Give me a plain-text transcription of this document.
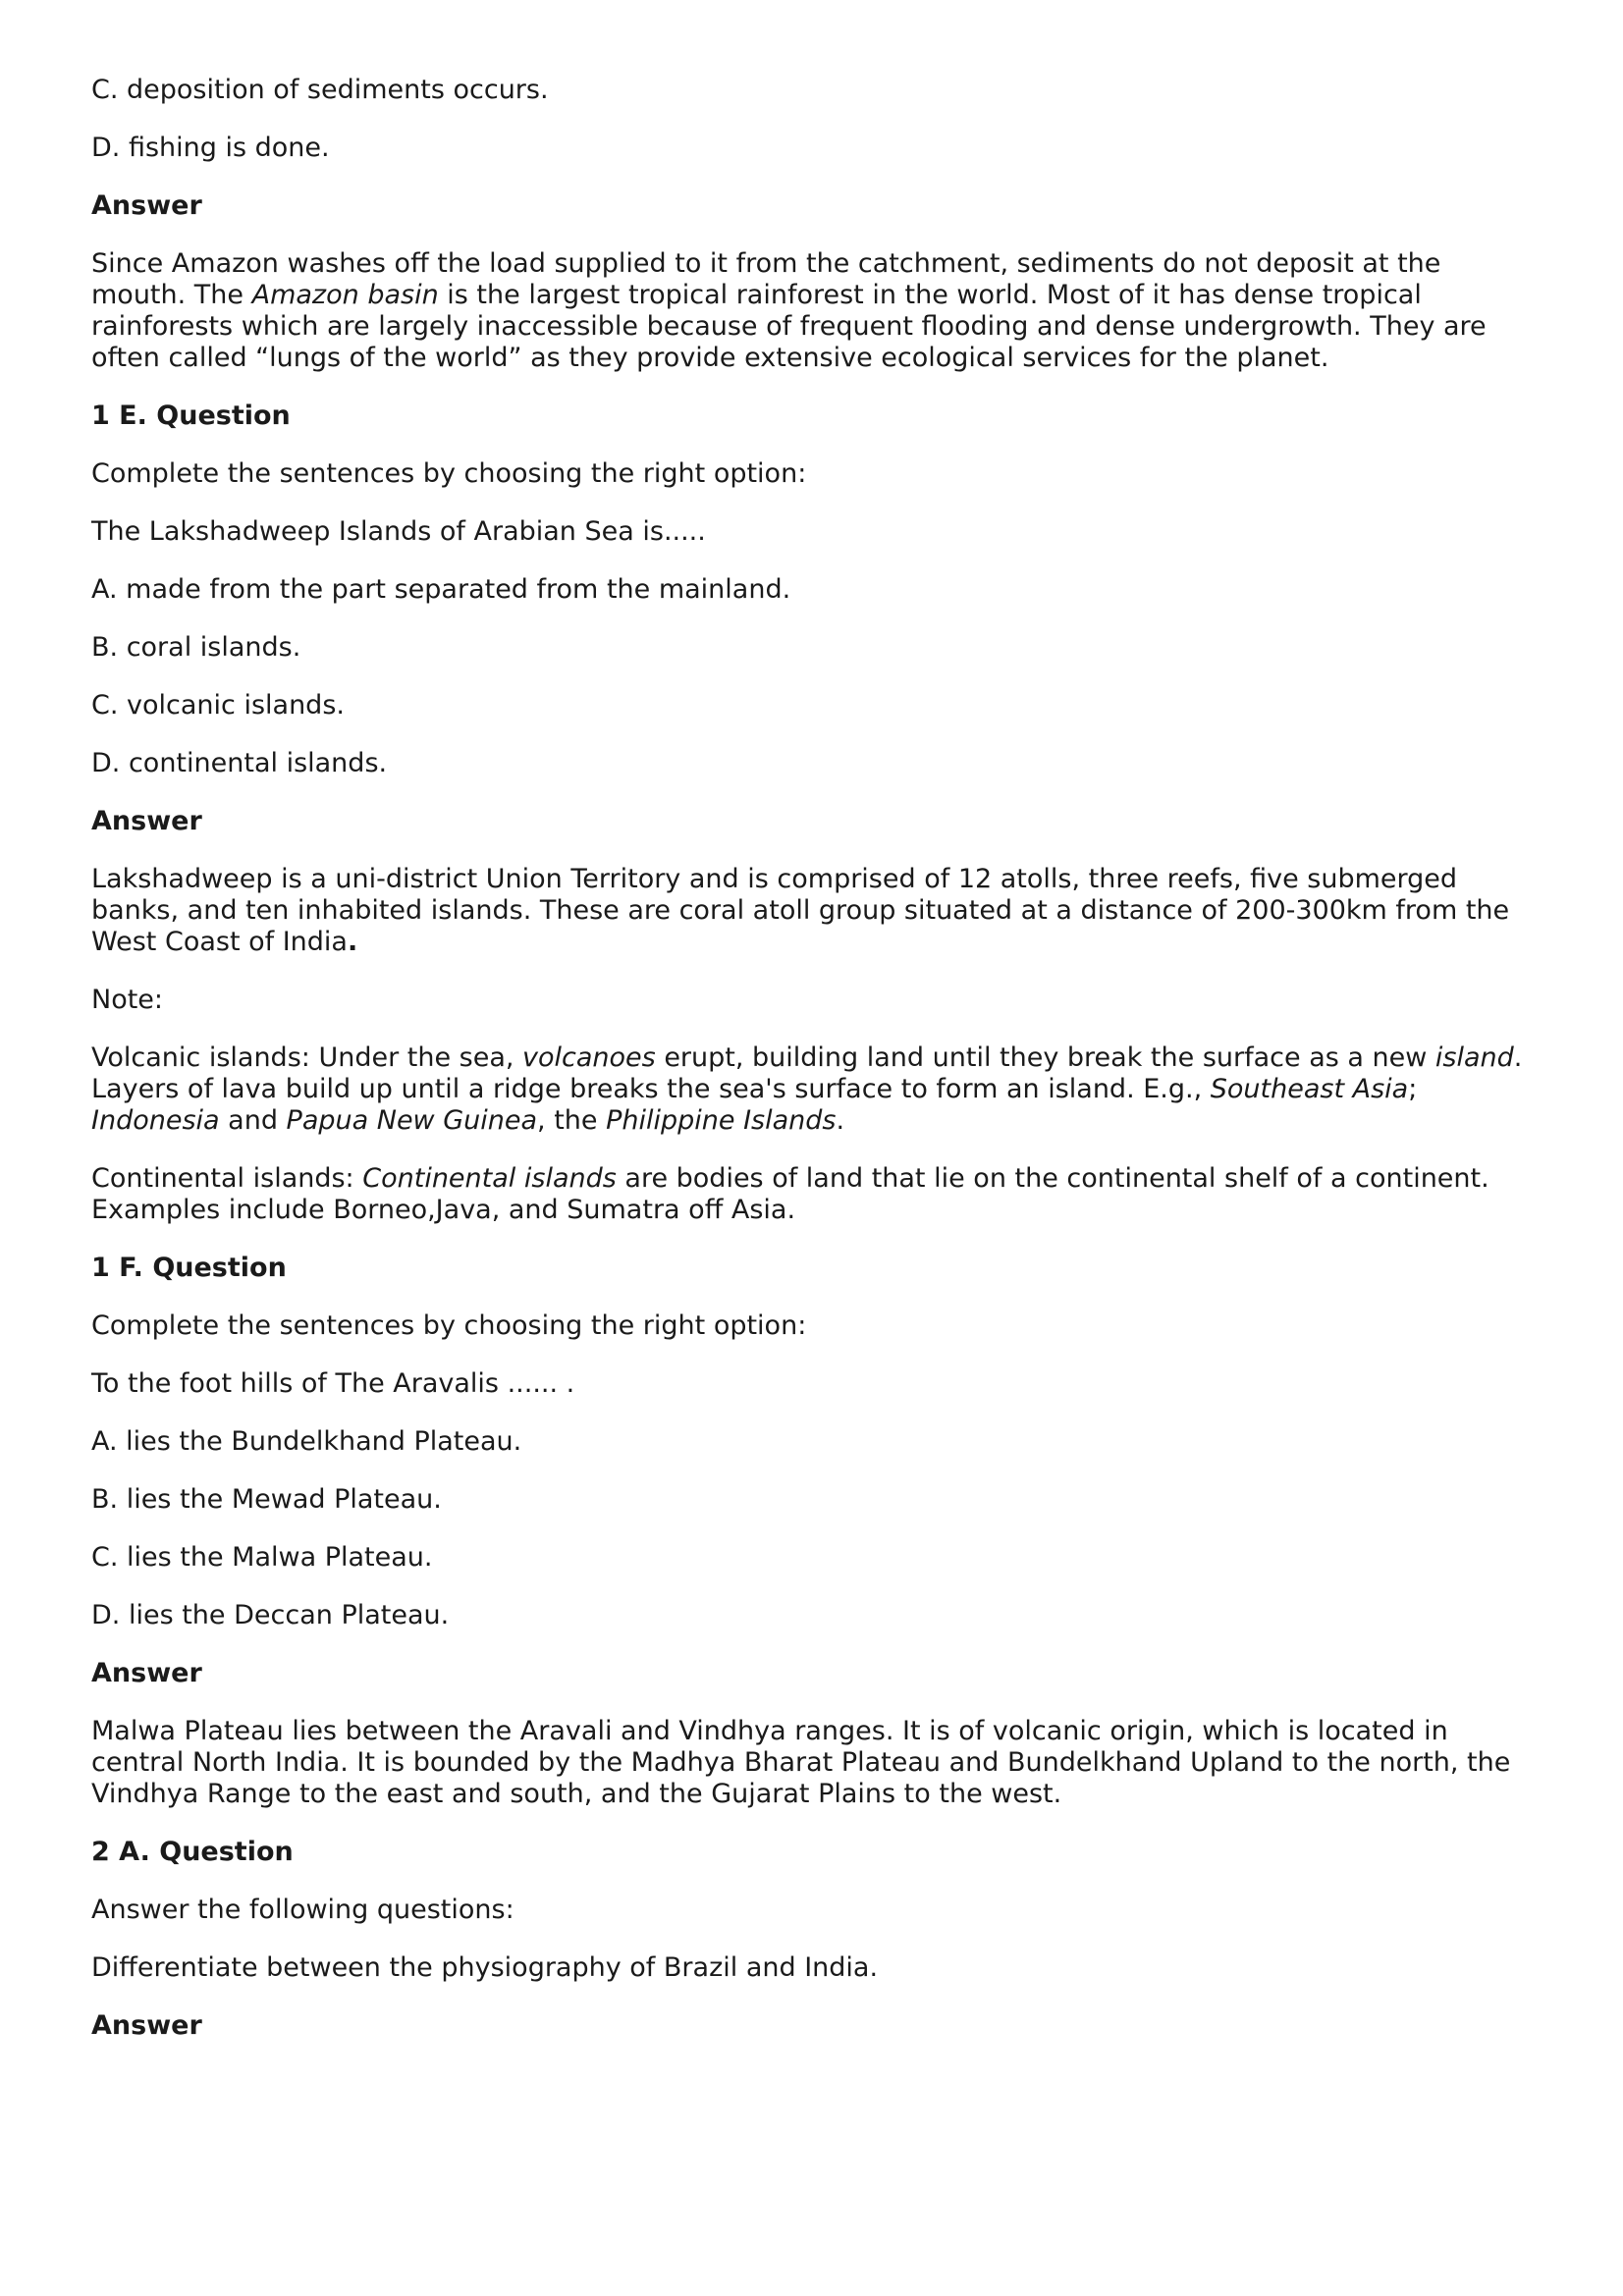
C. deposition of sediments occurs.

D. fishing is done.

Answer

Since Amazon washes off the load supplied to it from the catchment, sediments do not deposit at the mouth. The Amazon basin is the largest tropical rainforest in the world. Most of it has dense tropical rainforests which are largely inaccessible because of frequent flooding and dense undergrowth. They are often called “lungs of the world” as they provide extensive ecological services for the planet.

1 E. Question

Complete the sentences by choosing the right option:

The Lakshadweep Islands of Arabian Sea is.....

A. made from the part separated from the mainland.

B. coral islands.

C. volcanic islands.

D. continental islands.

Answer

Lakshadweep is a uni-district Union Territory and is comprised of 12 atolls, three reefs, five submerged banks, and ten inhabited islands. These are coral atoll group situated at a distance of 200-300km from the West Coast of India.

Note:

Volcanic islands: Under the sea, volcanoes erupt, building land until they break the surface as a new island. Layers of lava build up until a ridge breaks the sea's surface to form an island. E.g., Southeast Asia; Indonesia and Papua New Guinea, the Philippine Islands.

Continental islands: Continental islands are bodies of land that lie on the continental shelf of a continent. Examples include Borneo,Java, and Sumatra off Asia.

1 F. Question

Complete the sentences by choosing the right option:

To the foot hills of The Aravalis ...... .

A. lies the Bundelkhand Plateau.

B. lies the Mewad Plateau.

C. lies the Malwa Plateau.

D. lies the Deccan Plateau.

Answer

Malwa Plateau lies between the Aravali and Vindhya ranges. It is of volcanic origin, which is located in central North India. It is bounded by the Madhya Bharat Plateau and Bundelkhand Upland to the north, the Vindhya Range to the east and south, and the Gujarat Plains to the west.

2 A. Question

Answer the following questions:

Differentiate between the physiography of Brazil and India.

Answer
